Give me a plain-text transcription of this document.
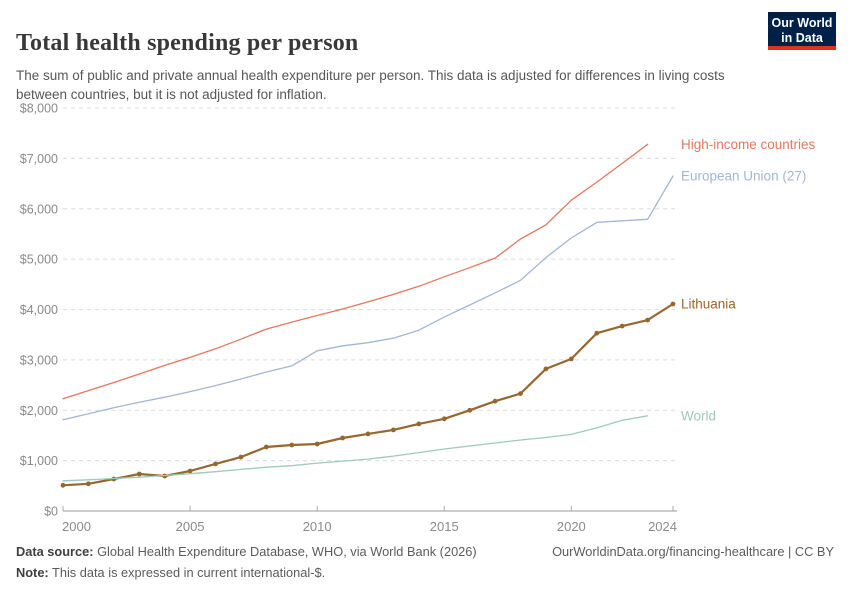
Total health spending per person

The sum of public and private annual health expenditure per person. This data is adjusted for differences in living costs between countries, but it is not adjusted for inflation.

Our World
in Data
$0
$1,000
$2,000
$3,000
$4,000
$5,000
$6,000
$7,000
$8,000
2000	2005	2010	2015	2020	2024
High-income countries
European Union (27)
Lithuania
World
Data source: Global Health Expenditure Database, WHO, via World Bank (2026)
Note: This data is expressed in current international-$.
OurWorldinData.org/financing-healthcare | CC BY
